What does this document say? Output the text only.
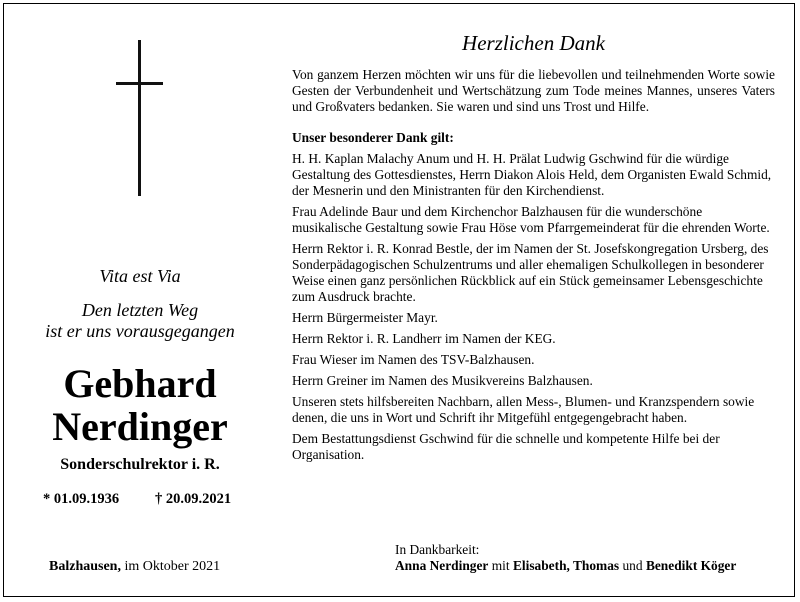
Vita est Via
Den letzten Weg
ist er uns vorausgegangen
Gebhard
Nerdinger
Sonderschulrektor i. R.
* 01.09.1936 † 20.09.2021
Balzhausen, im Oktober 2021
Herzlichen Dank

Von ganzem Herzen möchten wir uns für die liebevollen und teilnehmenden Worte sowie Gesten der Verbundenheit und Wertschätzung zum Tode meines Mannes, unseres Vaters und Großvaters bedanken. Sie waren und sind uns Trost und Hilfe.

Unser besonderer Dank gilt:

H. H. Kaplan Malachy Anum und H. H. Prälat Ludwig Gschwind für die würdige Gestaltung des Gottesdienstes, Herrn Diakon Alois Held, dem Organisten Ewald Schmid, der Mesnerin und den Ministranten für den Kirchendienst.

Frau Adelinde Baur und dem Kirchenchor Balzhausen für die wunderschöne musikalische Gestaltung sowie Frau Höse vom Pfarrgemeinderat für die ehrenden Worte.

Herrn Rektor i. R. Konrad Bestle, der im Namen der St. Josefskongregation Ursberg, des Sonderpädagogischen Schulzentrums und aller ehemaligen Schulkollegen in besonderer Weise einen ganz persönlichen Rückblick auf ein Stück gemeinsamer Lebensgeschichte zum Ausdruck brachte.

Herrn Bürgermeister Mayr.

Herrn Rektor i. R. Landherr im Namen der KEG.

Frau Wieser im Namen des TSV-Balzhausen.

Herrn Greiner im Namen des Musikvereins Balzhausen.

Unseren stets hilfsbereiten Nachbarn, allen Mess-, Blumen- und Kranzspendern sowie denen, die uns in Wort und Schrift ihr Mitgefühl entgegengebracht haben.

Dem Bestattungsdienst Gschwind für die schnelle und kompetente Hilfe bei der Organisation.

In Dankbarkeit:
Anna Nerdinger mit Elisabeth, Thomas und Benedikt Köger
